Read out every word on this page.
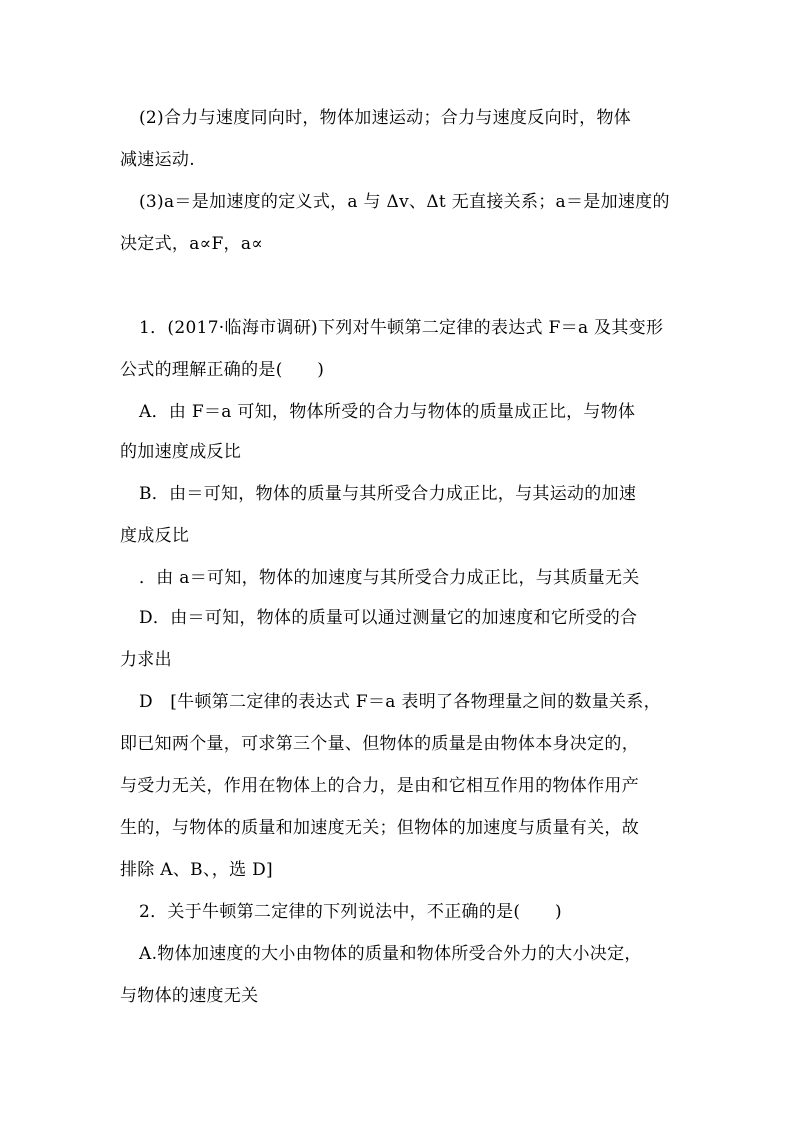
(2)合力与速度同向时，物体加速运动；合力与速度反向时，物体
减速运动.
(3)a＝是加速度的定义式，a 与 Δv、Δt 无直接关系；a＝是加速度的
决定式，a∝F，a∝
1．(2017·临海市调研)下列对牛顿第二定律的表达式 F＝a 及其变形
公式的理解正确的是(　　)
A．由 F＝a 可知，物体所受的合力与物体的质量成正比，与物体
的加速度成反比
B．由＝可知，物体的质量与其所受合力成正比，与其运动的加速
度成反比
．由 a＝可知，物体的加速度与其所受合力成正比，与其质量无关
D．由＝可知，物体的质量可以通过测量它的加速度和它所受的合
力求出
D　[牛顿第二定律的表达式 F＝a 表明了各物理量之间的数量关系，
即已知两个量，可求第三个量、但物体的质量是由物体本身决定的，
与受力无关，作用在物体上的合力，是由和它相互作用的物体作用产
生的，与物体的质量和加速度无关；但物体的加速度与质量有关，故
排除 A、B、，选 D]
2．关于牛顿第二定律的下列说法中，不正确的是(　　)
A.物体加速度的大小由物体的质量和物体所受合外力的大小决定，
与物体的速度无关
